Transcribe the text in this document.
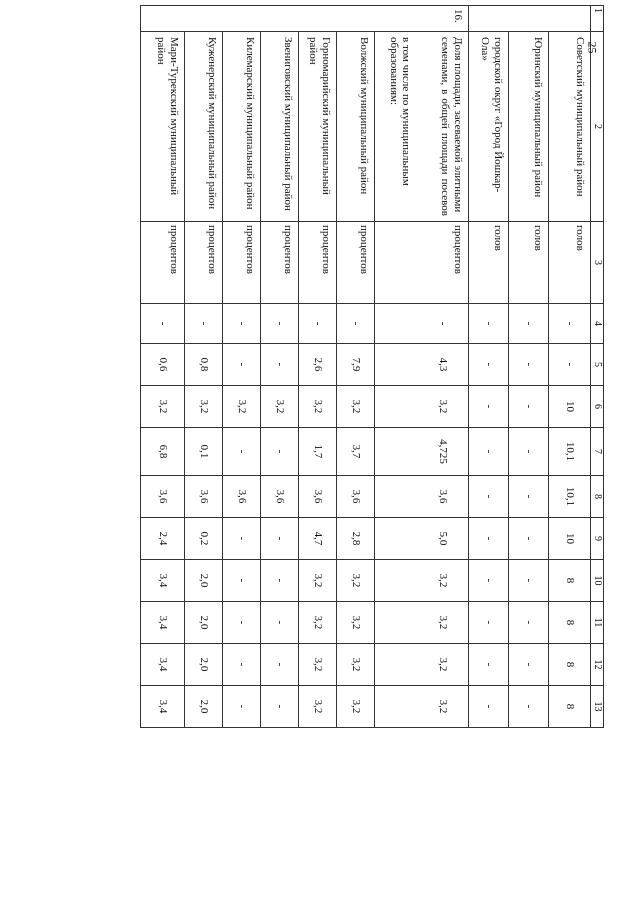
25
1	2	3	4	5	6	7	8	9	10	11	12	13
	Советский муниципальный район	голов	-	-	10	10,1	10,1	10	8	8	8	8
	Юринский муниципальный район	голов	-	-	-	-	-	-	-	-	-	-
	городской округ «Город Йошкар-Ола»	голов	-	-	-	-	-	-	-	-	-	-
16.	Доля площади, засеваемой элитными семенами, в общей площади посевов	процентов	-	4,3	3,2	4,725	3,6	5,0	3,2	3,2	3,2	3,2
	в том числе по муниципальным образованиям:											
	Волжский муниципальный район	процентов	-	7,9	3,2	3,7	3,6	2,8	3,2	3,2	3,2	3,2
	Горномарийский муниципальный район	процентов	-	2,6	3,2	1,7	3,6	4,7	3,2	3,2	3,2	3,2
	Звениговский муниципальный район	процентов	-	-	3,2	-	3,6	-	-	-	-	-
	Килемарский муниципальный район	процентов	-	-	3,2	-	3,6	-	-	-	-	-
	Куженерский муниципальный район	процентов	-	0,8	3,2	0,1	3,6	0,2	2,0	2,0	2,0	2,0
	Мари-Турекский муниципальный район	процентов	-	0,6	3,2	6,8	3,6	2,4	3,4	3,4	3,4	3,4
